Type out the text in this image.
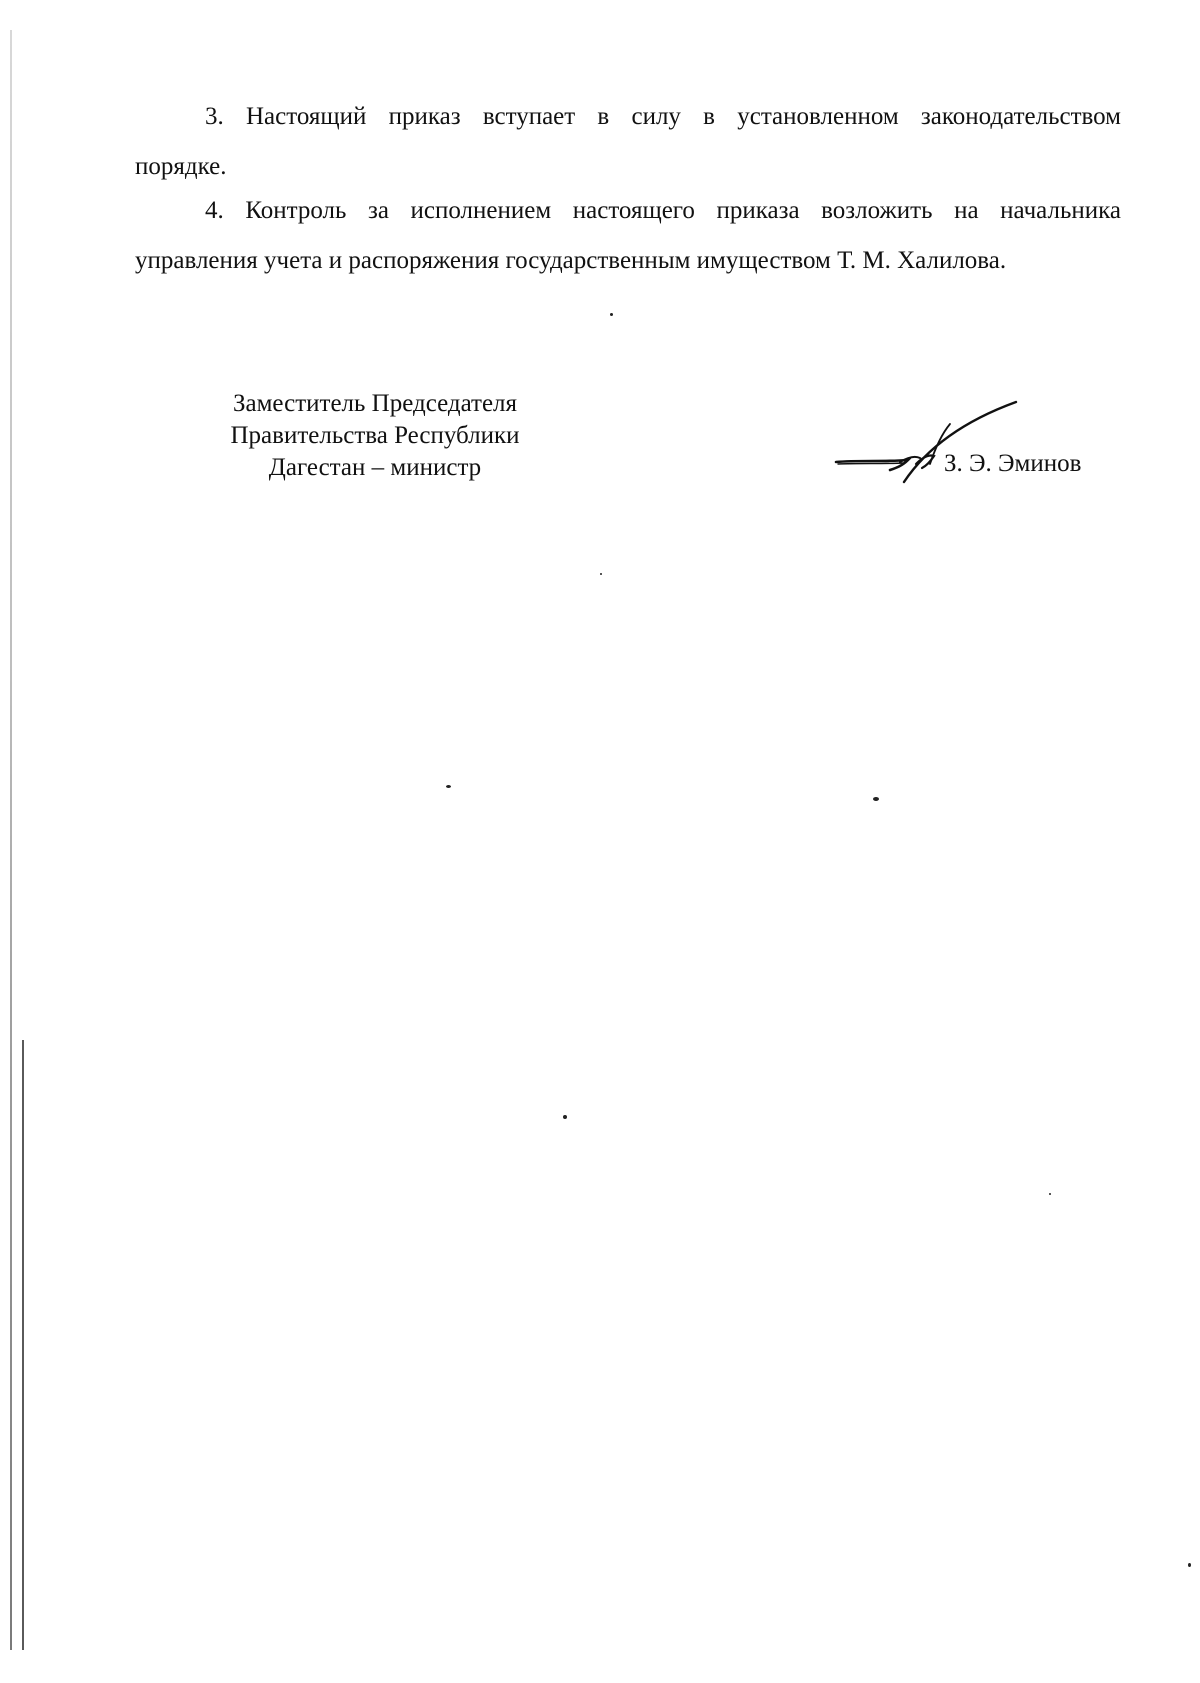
3. Настоящий приказ вступает в силу в установленном законодательством
порядке.
4. Контроль за исполнением настоящего приказа возложить на начальника
управления учета и распоряжения государственным имуществом Т. М. Халилова.
Заместитель Председателя
Правительства Республики
Дагестан – министр	З. Э. Эминов
